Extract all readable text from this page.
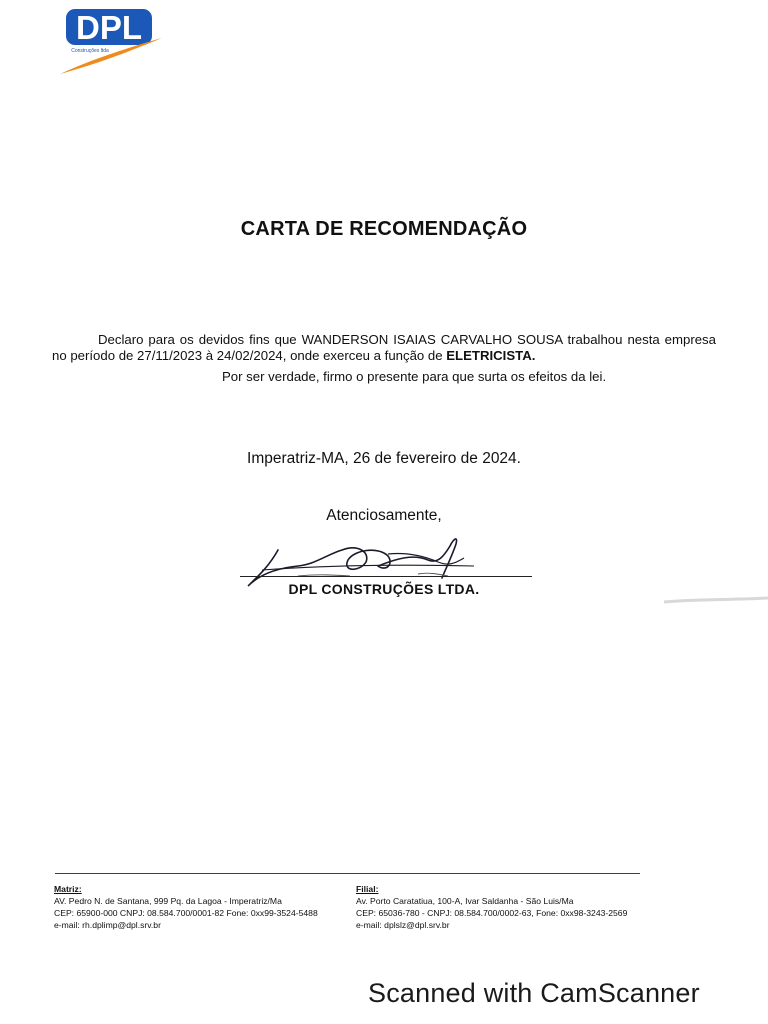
DPL
Construções ltda
CARTA DE RECOMENDAÇÃO
Declaro para os devidos fins que WANDERSON ISAIAS CARVALHO SOUSA trabalhou nesta empresa no período de 27/11/2023 à 24/02/2024, onde exerceu a função de ELETRICISTA.
Por ser verdade, firmo o presente para que surta os efeitos da lei.
Imperatriz-MA, 26 de fevereiro de 2024.
Atenciosamente,
DPL CONSTRUÇÕES LTDA.
Matriz:
AV. Pedro N. de Santana, 999 Pq. da Lagoa - Imperatriz/Ma
CEP: 65900-000 CNPJ: 08.584.700/0001-82 Fone: 0xx99-3524-5488
e-mail: rh.dplimp@dpl.srv.br
Filial:
Av. Porto Caratatiua, 100-A, Ivar Saldanha - São Luis/Ma
CEP: 65036-780 - CNPJ: 08.584.700/0002-63, Fone: 0xx98-3243-2569
e-mail: dplslz@dpl.srv.br
Scanned with CamScanner
